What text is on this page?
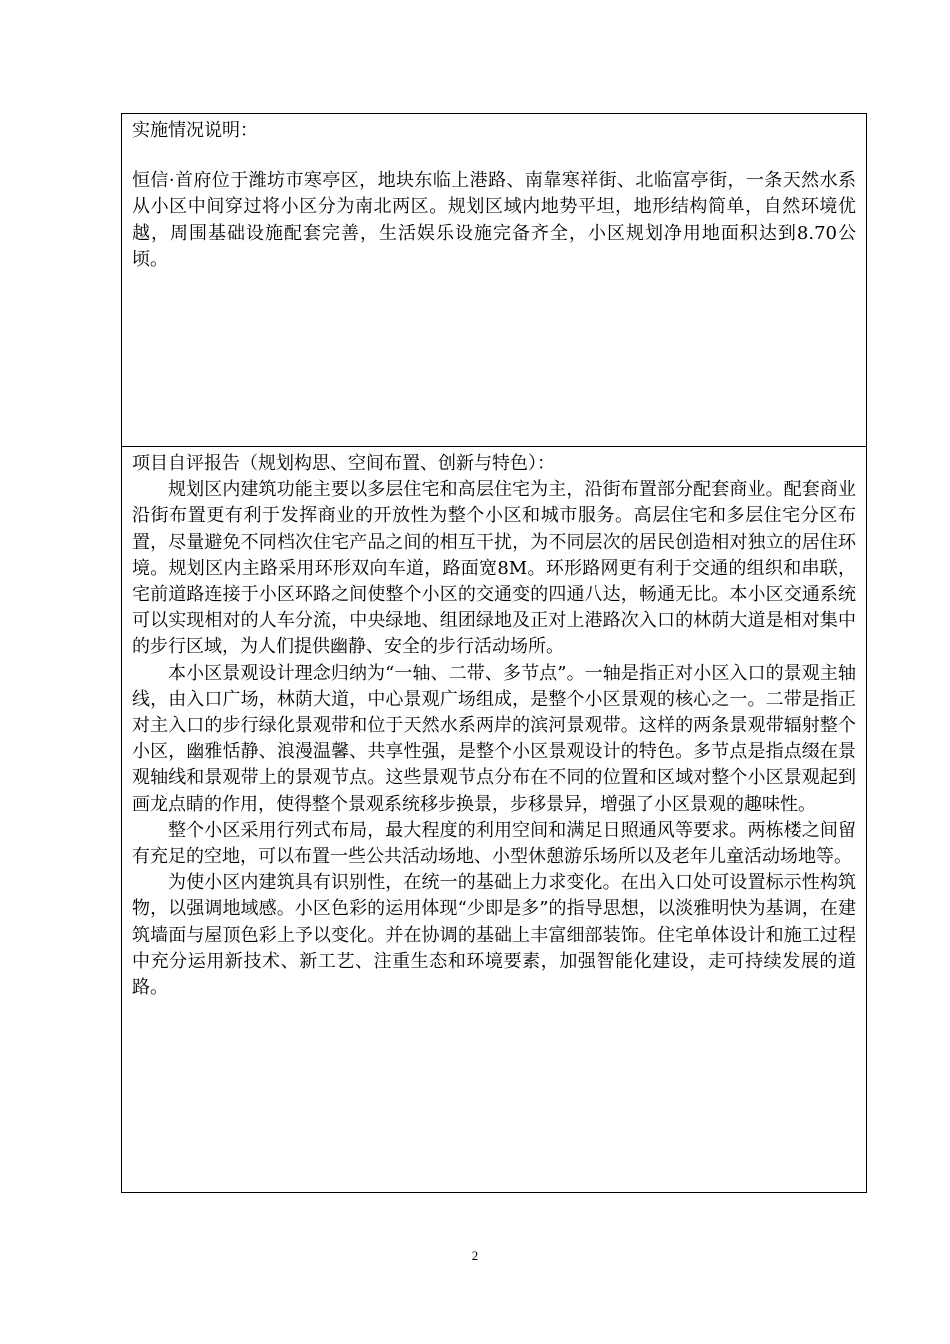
实施情况说明：
恒信·首府位于潍坊市寒亭区，地块东临上港路、南靠寒祥街、北临富亭街，一条天然水系从小区中间穿过将小区分为南北两区。规划区域内地势平坦，地形结构简单，自然环境优越，周围基础设施配套完善，生活娱乐设施完备齐全，小区规划净用地面积达到8.70公顷。
项目自评报告（规划构思、空间布置、创新与特色）：

规划区内建筑功能主要以多层住宅和高层住宅为主，沿街布置部分配套商业。配套商业沿街布置更有利于发挥商业的开放性为整个小区和城市服务。高层住宅和多层住宅分区布置，尽量避免不同档次住宅产品之间的相互干扰，为不同层次的居民创造相对独立的居住环境。规划区内主路采用环形双向车道，路面宽8M。环形路网更有利于交通的组织和串联，宅前道路连接于小区环路之间使整个小区的交通变的四通八达，畅通无比。本小区交通系统可以实现相对的人车分流，中央绿地、组团绿地及正对上港路次入口的林荫大道是相对集中的步行区域，为人们提供幽静、安全的步行活动场所。

本小区景观设计理念归纳为“一轴、二带、多节点”。一轴是指正对小区入口的景观主轴线，由入口广场，林荫大道，中心景观广场组成，是整个小区景观的核心之一。二带是指正对主入口的步行绿化景观带和位于天然水系两岸的滨河景观带。这样的两条景观带辐射整个小区，幽雅恬静、浪漫温馨、共享性强，是整个小区景观设计的特色。多节点是指点缀在景观轴线和景观带上的景观节点。这些景观节点分布在不同的位置和区域对整个小区景观起到画龙点睛的作用，使得整个景观系统移步换景，步移景异，增强了小区景观的趣味性。

整个小区采用行列式布局，最大程度的利用空间和满足日照通风等要求。两栋楼之间留有充足的空地，可以布置一些公共活动场地、小型休憩游乐场所以及老年儿童活动场地等。

为使小区内建筑具有识别性，在统一的基础上力求变化。在出入口处可设置标示性构筑物，以强调地域感。小区色彩的运用体现“少即是多”的指导思想，以淡雅明快为基调，在建筑墙面与屋顶色彩上予以变化。并在协调的基础上丰富细部装饰。住宅单体设计和施工过程中充分运用新技术、新工艺、注重生态和环境要素，加强智能化建设，走可持续发展的道路。

2
